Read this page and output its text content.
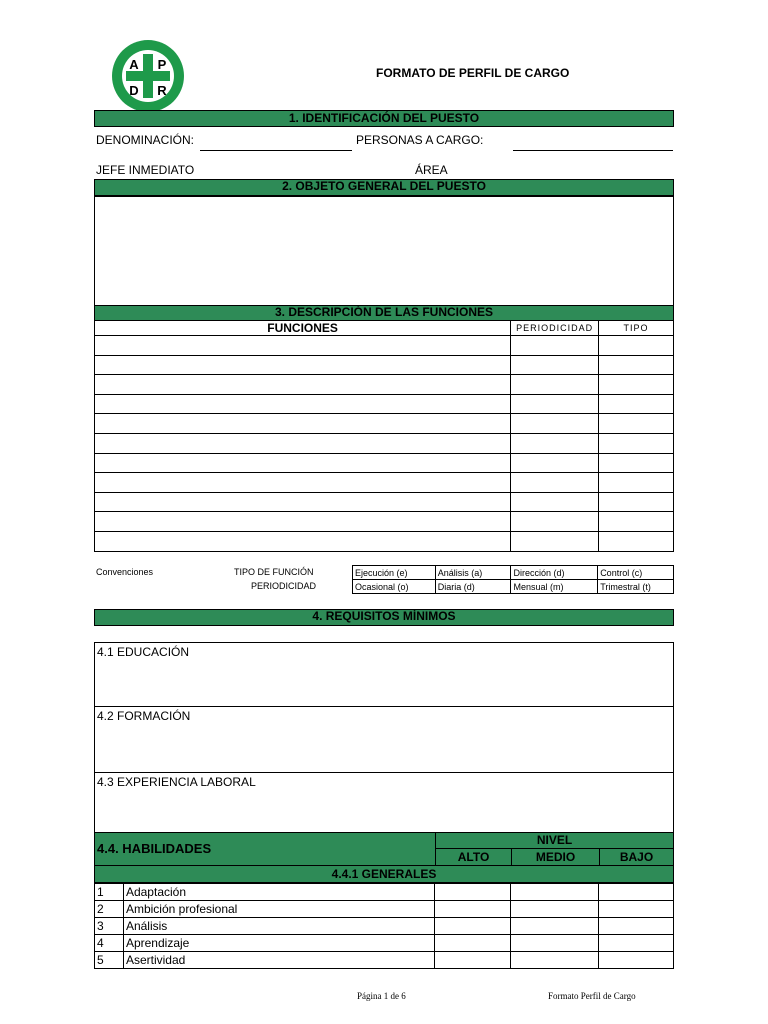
A P
D R
FORMATO DE PERFIL DE CARGO
1. IDENTIFICACIÓN DEL PUESTO
DENOMINACIÓN:	PERSONAS A CARGO:
JEFE INMEDIATO	ÁREA
2. OBJETO GENERAL DEL PUESTO
3. DESCRIPCIÓN DE LAS FUNCIONES
FUNCIONES	PERIODICIDAD	TIPO

Convenciones	TIPO DE FUNCIÓN
PERIODICIDAD
Ejecución (e)	Análisis (a)	Dirección (d)	Control (c)
Ocasional (o)	Diaria (d)	Mensual (m)	Trimestral (t)
4. REQUISITOS MÍNIMOS
4.1 EDUCACIÓN
4.2 FORMACIÓN
4.3 EXPERIENCIA LABORAL
4.4. HABILIDADES
NIVEL
ALTO	MEDIO	BAJO
4.4.1 GENERALES
1	Adaptación			
2	Ambición profesional			
3	Análisis			
4	Aprendizaje			
5	Asertividad			
Página 1 de 6	Formato Perfil de Cargo
